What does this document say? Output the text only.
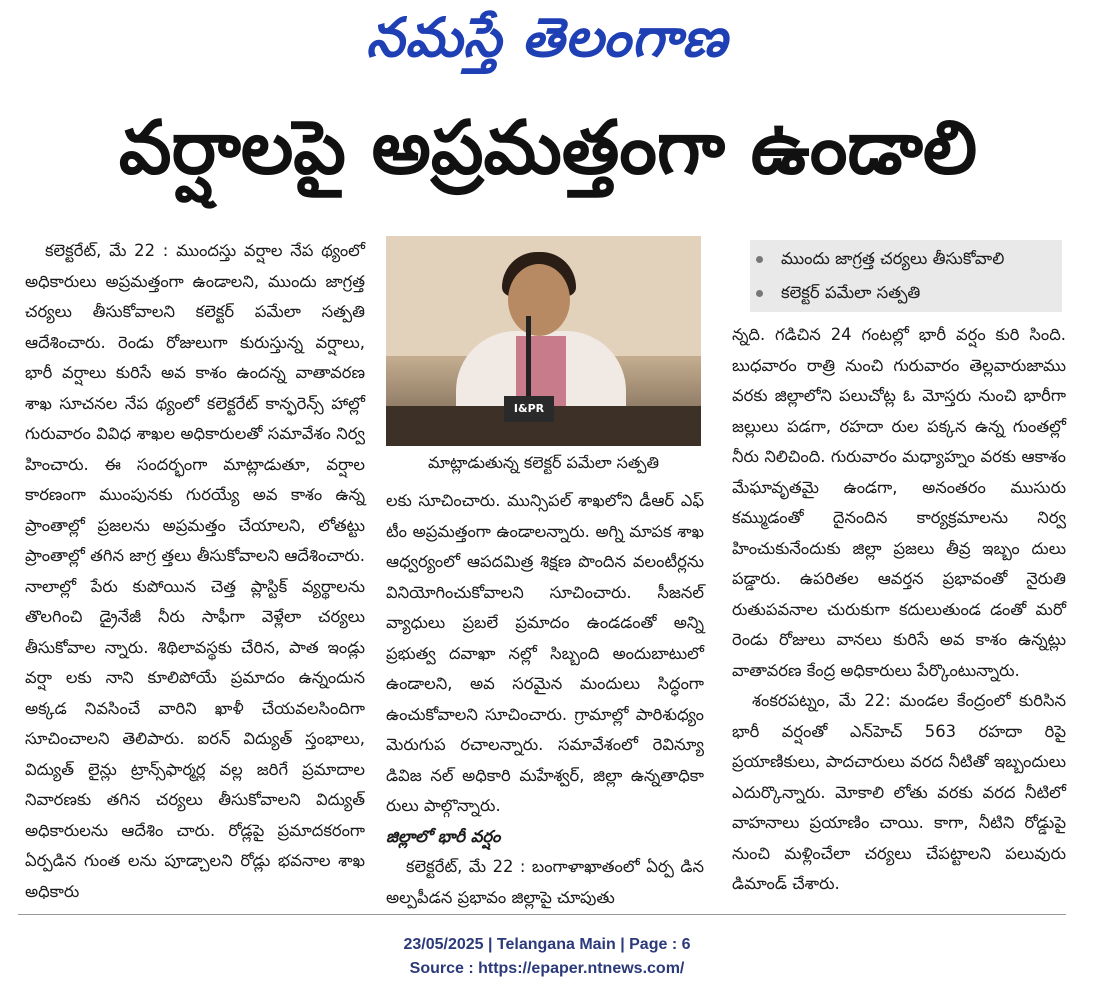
నమస్తే తెలంగాణ
వర్షాలపై అప్రమత్తంగా ఉండాలి

కలెక్టరేట్, మే 22 : ముందస్తు వర్షాల నేప థ్యంలో అధికారులు అప్రమత్తంగా ఉండాలని, ముందు జాగ్రత్త చర్యలు తీసుకోవాలని కలెక్టర్ పమేలా సత్పతి ఆదేశించారు. రెండు రోజులుగా కురుస్తున్న వర్షాలు, భారీ వర్షాలు కురిసే అవ కాశం ఉందన్న వాతావరణ శాఖ సూచనల నేప థ్యంలో కలెక్టరేట్ కాన్ఫరెన్స్ హాల్లో గురువారం వివిధ శాఖల అధికారులతో సమావేశం నిర్వ హించారు. ఈ సందర్భంగా మాట్లాడుతూ, వర్షాల కారణంగా ముంపునకు గురయ్యే అవ కాశం ఉన్న ప్రాంతాల్లో ప్రజలను అప్రమత్తం చేయాలని, లోతట్టు ప్రాంతాల్లో తగిన జాగ్ర త్తలు తీసుకోవాలని ఆదేశించారు. నాలాల్లో పేరు కుపోయిన చెత్త ప్లాస్టిక్ వ్యర్థాలను తొలగించి డ్రైనేజీ నీరు సాఫీగా వెళ్లేలా చర్యలు తీసుకోవాల న్నారు. శిథిలావస్థకు చేరిన, పాత ఇండ్లు వర్షా లకు నాని కూలిపోయే ప్రమాదం ఉన్నందున అక్కడ నివసించే వారిని ఖాళీ చేయవలసిందిగా సూచించాలని తెలిపారు. ఐరన్ విద్యుత్ స్తంభాలు, విద్యుత్ లైన్లు ట్రాన్స్‌ఫార్మర్ల వల్ల జరిగే ప్రమాదాల నివారణకు తగిన చర్యలు తీసుకోవాలని విద్యుత్ అధికారులను ఆదేశిం చారు. రోడ్లపై ప్రమాదకరంగా ఏర్పడిన గుంత లను పూడ్చాలని రోడ్లు భవనాల శాఖ అధికారు

I&PR
మాట్లాడుతున్న కలెక్టర్ పమేలా సత్పతి

లకు సూచించారు. మున్సిపల్ శాఖలోని డీఆర్ ఎఫ్ టీం అప్రమత్తంగా ఉండాలన్నారు. అగ్ని మాపక శాఖ ఆధ్వర్యంలో ఆపదమిత్ర శిక్షణ పొందిన వలంటీర్లను వినియోగించుకోవాలని సూచించారు. సీజనల్ వ్యాధులు ప్రబలే ప్రమాదం ఉండడంతో అన్ని ప్రభుత్వ దవాఖా నల్లో సిబ్బంది అందుబాటులో ఉండాలని, అవ సరమైన మందులు సిద్ధంగా ఉంచుకోవాలని సూచించారు. గ్రామాల్లో పారిశుధ్యం మెరుగుప రచాలన్నారు. సమావేశంలో రెవిన్యూ డివిజ నల్ అధికారి మహేశ్వర్, జిల్లా ఉన్నతాధికా రులు పాల్గొన్నారు.

జిల్లాలో భారీ వర్షం

కలెక్టరేట్, మే 22 : బంగాళాఖాతంలో ఏర్ప డిన అల్పపీడన ప్రభావం జిల్లాపై చూపుతు

ముందు జాగ్రత్త చర్యలు తీసుకోవాలి
కలెక్టర్ పమేలా సత్పతి

న్నది. గడిచిన 24 గంటల్లో భారీ వర్షం కురి సింది. బుధవారం రాత్రి నుంచి గురువారం తెల్లవారుజాము వరకు జిల్లాలోని పలుచోట్ల ఓ మోస్తరు నుంచి భారీగా జల్లులు పడగా, రహదా రుల పక్కన ఉన్న గుంతల్లో నీరు నిలిచింది. గురువారం మధ్యాహ్నం వరకు ఆకాశం మేఘావృతమై ఉండగా, అనంతరం ముసురు కమ్ముడంతో దైనందిన కార్యక్రమాలను నిర్వ హించుకునేందుకు జిల్లా ప్రజలు తీవ్ర ఇబ్బం దులు పడ్డారు. ఉపరితల ఆవర్తన ప్రభావంతో నైరుతి రుతుపవనాల చురుకుగా కదులుతుండ డంతో మరో రెండు రోజులు వానలు కురిసే అవ కాశం ఉన్నట్లు వాతావరణ కేంద్ర అధికారులు పేర్కొంటున్నారు.

శంకరపట్నం, మే 22: మండల కేంద్రంలో కురిసిన భారీ వర్షంతో ఎన్‌హెచ్ 563 రహదా రిపై ప్రయాణికులు, పాదచారులు వరద నీటితో ఇబ్బందులు ఎదుర్కొన్నారు. మోకాలి లోతు వరకు వరద నీటిలో వాహనాలు ప్రయాణిం చాయి. కాగా, నీటిని రోడ్డుపై నుంచి మళ్లించేలా చర్యలు చేపట్టాలని పలువురు డిమాండ్ చేశారు.

23/05/2025 | Telangana Main | Page : 6
Source : https://epaper.ntnews.com/
